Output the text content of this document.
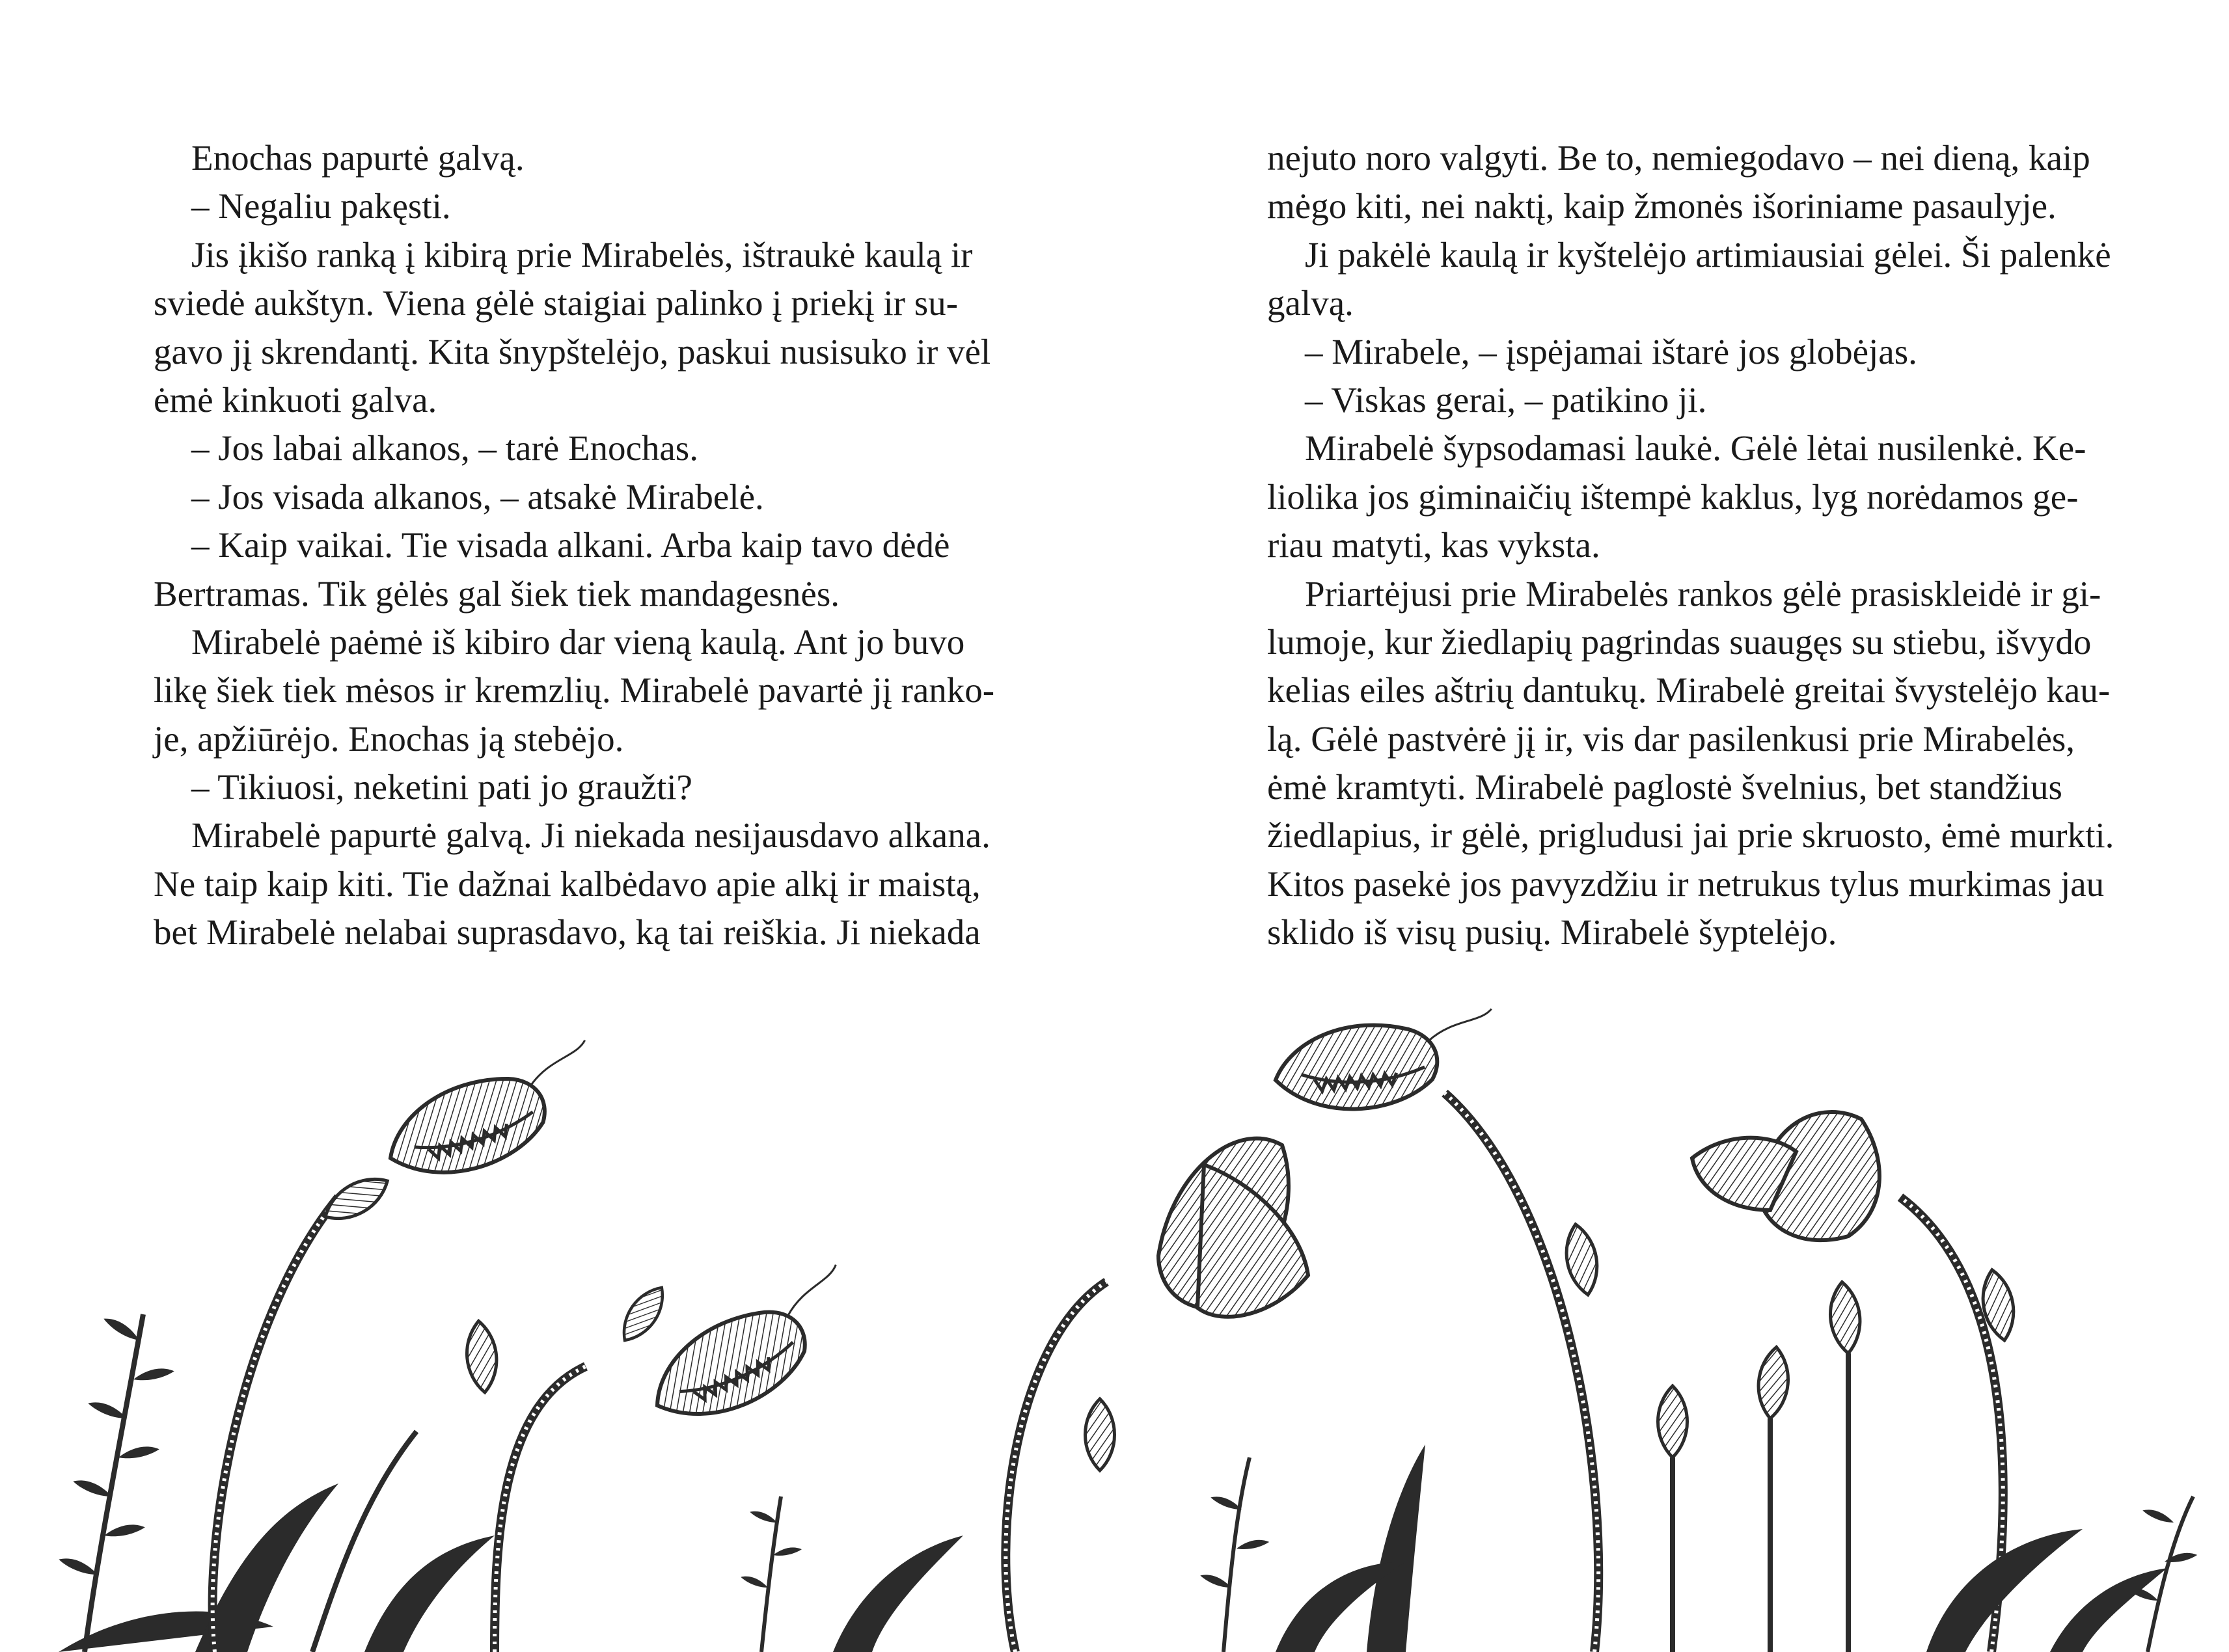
Enochas papurtė galvą.
– Negaliu pakęsti.
Jis įkišo ranką į kibirą prie Mirabelės, ištraukė kaulą ir
sviedė aukštyn. Viena gėlė staigiai palinko į priekį ir su-
gavo jį skrendantį. Kita šnypštelėjo, paskui nusisuko ir vėl
ėmė kinkuoti galva.
– Jos labai alkanos, – tarė Enochas.
– Jos visada alkanos, – atsakė Mirabelė.
– Kaip vaikai. Tie visada alkani. Arba kaip tavo dėdė
Bertramas. Tik gėlės gal šiek tiek mandagesnės.
Mirabelė paėmė iš kibiro dar vieną kaulą. Ant jo buvo
likę šiek tiek mėsos ir kremzlių. Mirabelė pavartė jį ranko-
je, apžiūrėjo. Enochas ją stebėjo.
– Tikiuosi, neketini pati jo graužti?
Mirabelė papurtė galvą. Ji niekada nesijausdavo alkana.
Ne taip kaip kiti. Tie dažnai kalbėdavo apie alkį ir maistą,
bet Mirabelė nelabai suprasdavo, ką tai reiškia. Ji niekada
nejuto noro valgyti. Be to, nemiegodavo – nei dieną, kaip
mėgo kiti, nei naktį, kaip žmonės išoriniame pasaulyje.
Ji pakėlė kaulą ir kyštelėjo artimiausiai gėlei. Ši palenkė
galvą.
– Mirabele, – įspėjamai ištarė jos globėjas.
– Viskas gerai, – patikino ji.
Mirabelė šypsodamasi laukė. Gėlė lėtai nusilenkė. Ke-
liolika jos giminaičių ištempė kaklus, lyg norėdamos ge-
riau matyti, kas vyksta.
Priartėjusi prie Mirabelės rankos gėlė prasiskleidė ir gi-
lumoje, kur žiedlapių pagrindas suaugęs su stiebu, išvydo
kelias eiles aštrių dantukų. Mirabelė greitai švystelėjo kau-
lą. Gėlė pastvėrė jį ir, vis dar pasilenkusi prie Mirabelės,
ėmė kramtyti. Mirabelė paglostė švelnius, bet standžius
žiedlapius, ir gėlė, prigludusi jai prie skruosto, ėmė murkti.
Kitos pasekė jos pavyzdžiu ir netrukus tylus murkimas jau
sklido iš visų pusių. Mirabelė šyptelėjo.
